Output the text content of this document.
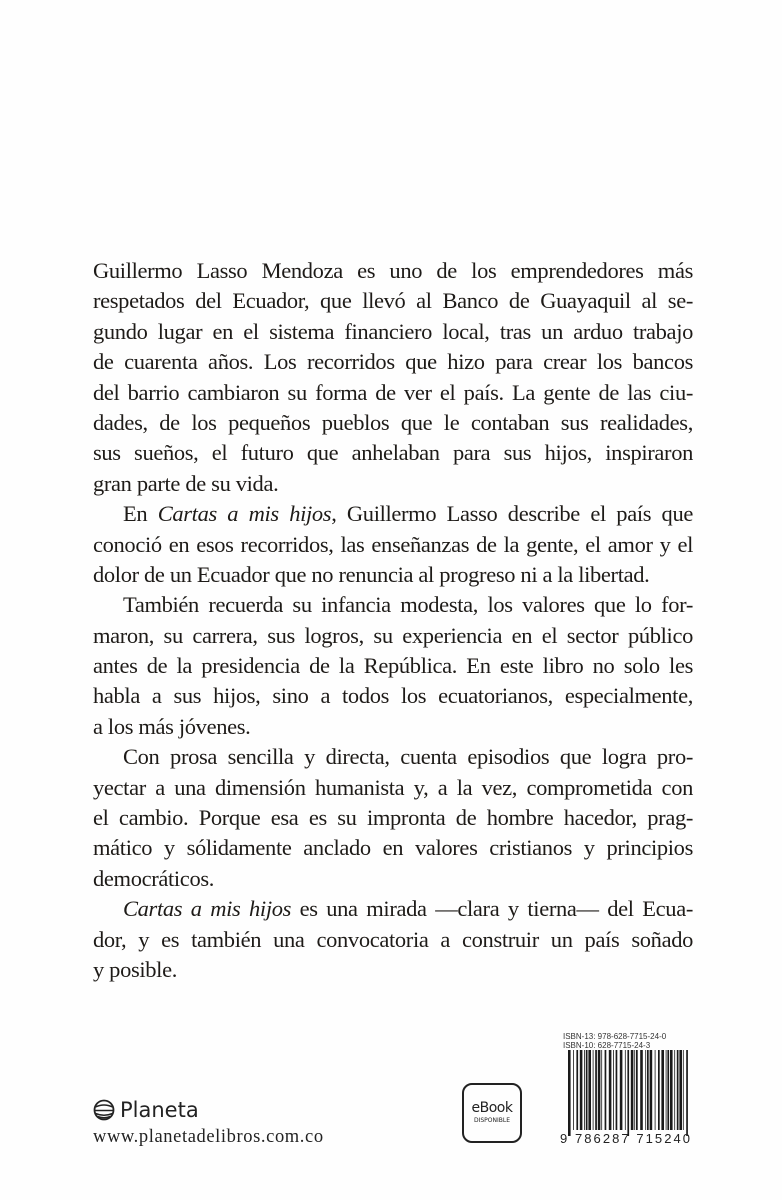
Guillermo Lasso Mendoza es uno de los emprendedores más
respetados del Ecuador, que llevó al Banco de Guayaquil al se-
gundo lugar en el sistema financiero local, tras un arduo trabajo
de cuarenta años. Los recorridos que hizo para crear los bancos
del barrio cambiaron su forma de ver el país. La gente de las ciu-
dades, de los pequeños pueblos que le contaban sus realidades,
sus sueños, el futuro que anhelaban para sus hijos, inspiraron
gran parte de su vida.
En Cartas a mis hijos, Guillermo Lasso describe el país que
conoció en esos recorridos, las enseñanzas de la gente, el amor y el
dolor de un Ecuador que no renuncia al progreso ni a la libertad.
También recuerda su infancia modesta, los valores que lo for-
maron, su carrera, sus logros, su experiencia en el sector público
antes de la presidencia de la República. En este libro no solo les
habla a sus hijos, sino a todos los ecuatorianos, especialmente,
a los más jóvenes.
Con prosa sencilla y directa, cuenta episodios que logra pro-
yectar a una dimensión humanista y, a la vez, comprometida con
el cambio. Porque esa es su impronta de hombre hacedor, prag-
mático y sólidamente anclado en valores cristianos y principios
democráticos.
Cartas a mis hijos es una mirada —clara y tierna— del Ecua-
dor, y es también una convocatoria a construir un país soñado
y posible.
Planeta
www.planetadelibros.com.co
eBook
DISPONIBLE
ISBN-13: 978-628-7715-24-0
ISBN-10: 628-7715-24-3
9 786287 715240
